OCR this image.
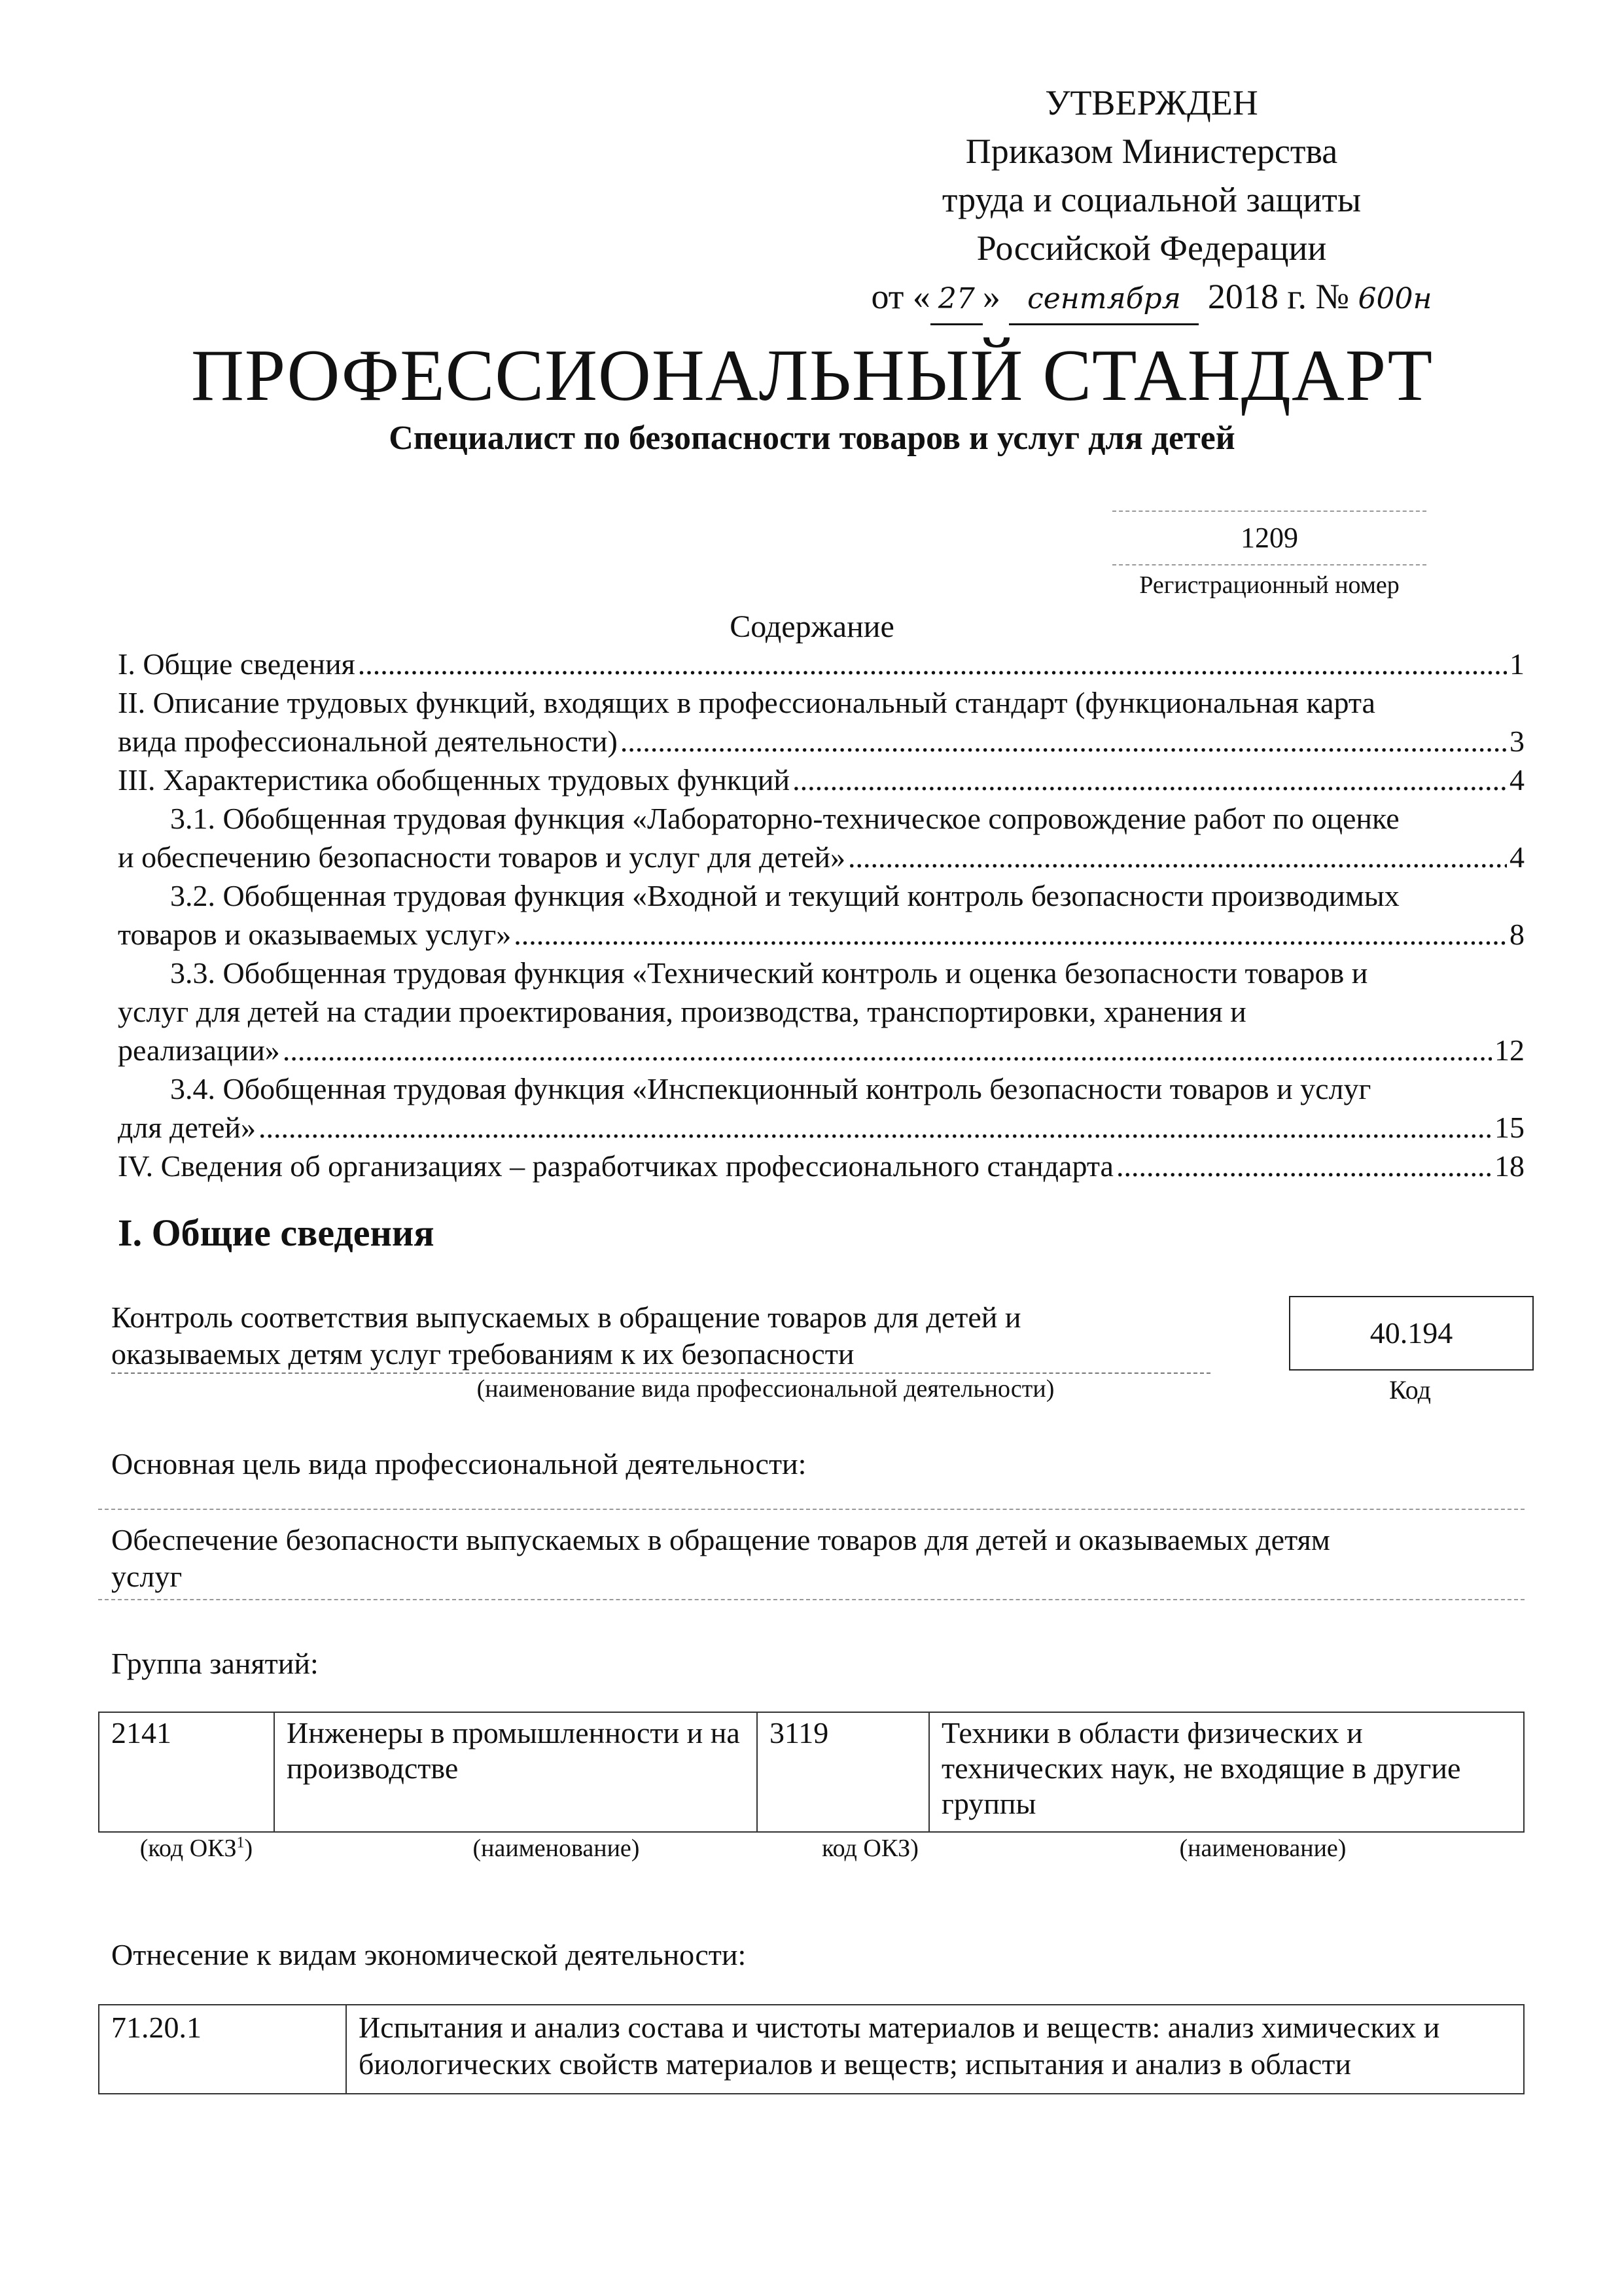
УТВЕРЖДЕН
Приказом Министерства
труда и социальной защиты
Российской Федерации
от « 27 » сентября 2018 г. № 600н
ПРОФЕССИОНАЛЬНЫЙ СТАНДАРТ
Специалист по безопасности товаров и услуг для детей
1209
Регистрационный номер
Содержание
I. Общие сведения .....	1
II. Описание трудовых функций, входящих в профессиональный стандарт (функциональная карта
вида профессиональной деятельности) .....	3
III. Характеристика обобщенных трудовых функций .....	4
3.1. Обобщенная трудовая функция «Лабораторно-техническое сопровождение работ по оценке
и обеспечению безопасности товаров и услуг для детей» .....	4
3.2. Обобщенная трудовая функция «Входной и текущий контроль безопасности производимых
товаров и оказываемых услуг» .....	8
3.3. Обобщенная трудовая функция «Технический контроль и оценка безопасности товаров и
услуг для детей на стадии проектирования, производства, транспортировки, хранения и
реализации» .....	12
3.4. Обобщенная трудовая функция «Инспекционный контроль безопасности товаров и услуг
для детей» .....	15
IV. Сведения об организациях – разработчиках профессионального стандарта .....	18
I. Общие сведения
Контроль соответствия выпускаемых в обращение товаров для детей и
оказываемых детям услуг требованиям к их безопасности
(наименование вида профессиональной деятельности)
40.194
Код
Основная цель вида профессиональной деятельности:
Обеспечение безопасности выпускаемых в обращение товаров для детей и оказываемых детям
услуг
Группа занятий:
2141	Инженеры в промышленности и на производстве	3119	Техники в области физических и технических наук, не входящие в другие группы
(код ОКЗ$^1$)	(наименование)	код ОКЗ)	(наименование)
Отнесение к видам экономической деятельности:
71.20.1	Испытания и анализ состава и чистоты материалов и веществ: анализ химических и биологических свойств материалов и веществ; испытания и анализ в области
